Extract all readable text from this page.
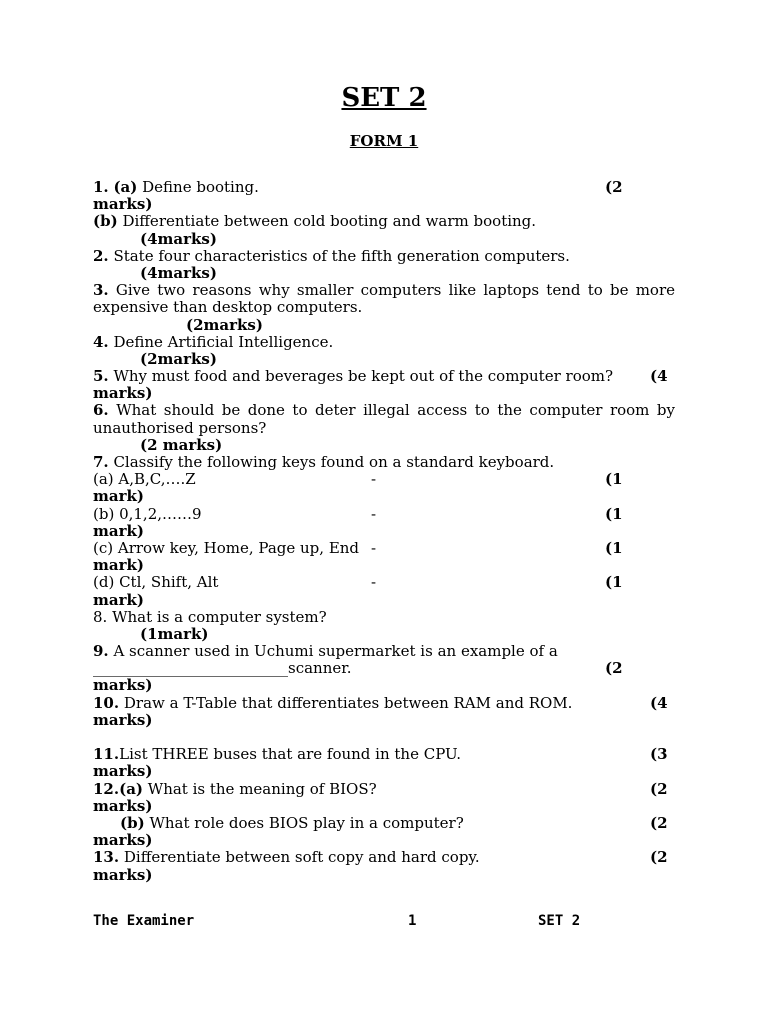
SET 2
FORM 1
1. (a) Define booting.	(2
marks)
(b) Differentiate between cold booting and warm booting.
(4marks)
2. State four characteristics of the fifth generation computers.
(4marks)
3. Give two reasons why smaller computers like laptops tend to be more
expensive than desktop computers.
(2marks)
4. Define Artificial Intelligence.
(2marks)
5. Why must food and beverages be kept out of the computer room? (4
marks)
6. What should be done to deter illegal access to the computer room by
unauthorised persons?
(2 marks)
7. Classify the following keys found on a standard keyboard.
(a) A,B,C,….Z	-	(1
mark)
(b) 0,1,2,……9	-	(1
mark)
(c) Arrow key, Home, Page up, End -	(1
mark)
(d) Ctl, Shift, Alt	-	(1
mark)
8. What is a computer system?
(1mark)
9. A scanner used in Uchumi supermarket is an example of a
__________________________scanner.	(2
marks)
10. Draw a T-Table that differentiates between RAM and ROM.	(4
marks)
11.List THREE buses that are found in the CPU.	(3
marks)
12.(a) What is the meaning of BIOS?	(2
marks)
(b) What role does BIOS play in a computer?	(2
marks)
13. Differentiate between soft copy and hard copy.	(2
marks)
The Examiner	1	SET 2
